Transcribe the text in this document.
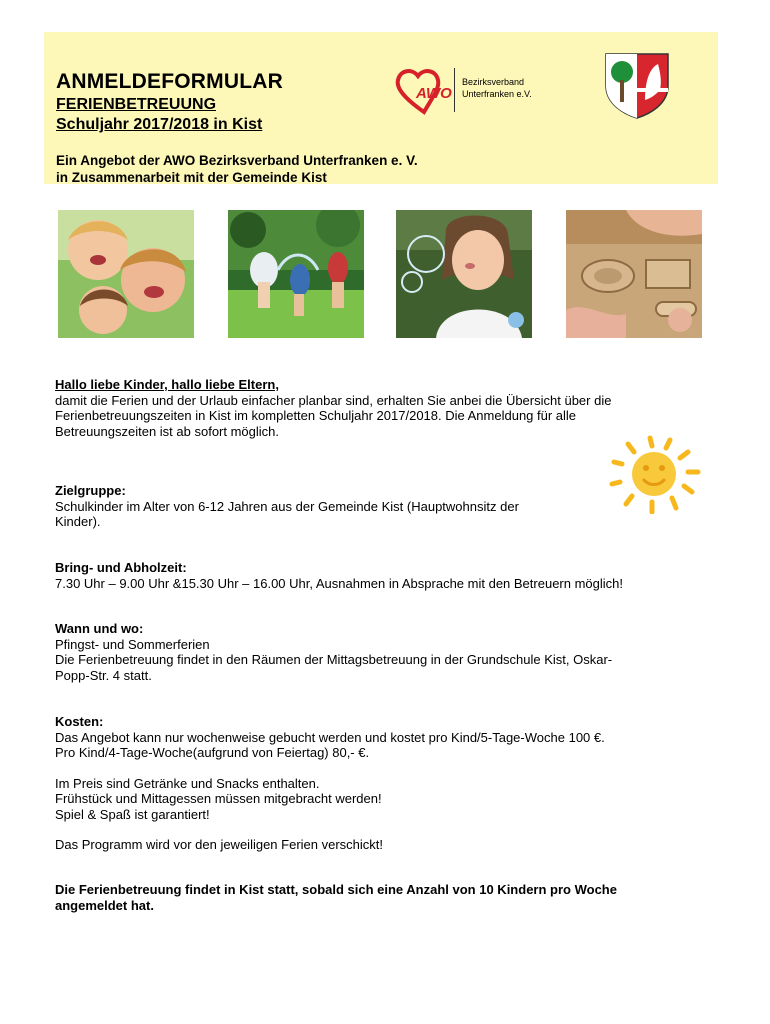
ANMELDEFORMULAR
FERIENBETREUUNG
Schuljahr 2017/2018 in Kist
Ein Angebot der AWO Bezirksverband Unterfranken e. V.
in Zusammenarbeit mit der Gemeinde Kist
AWO
Bezirksverband
Unterfranken e.V.
Hallo liebe Kinder, hallo liebe Eltern,
damit die Ferien und der Urlaub einfacher planbar sind, erhalten Sie anbei die Übersicht über die
Ferienbetreuungszeiten in Kist im kompletten Schuljahr 2017/2018. Die Anmeldung für alle
Betreuungszeiten ist ab sofort möglich.
Zielgruppe:
Schulkinder im Alter von 6-12 Jahren aus der Gemeinde Kist (Hauptwohnsitz der
Kinder).
Bring- und Abholzeit:
7.30 Uhr – 9.00 Uhr &15.30 Uhr – 16.00 Uhr, Ausnahmen in Absprache mit den Betreuern möglich!
Wann und wo:
Pfingst- und Sommerferien
Die Ferienbetreuung findet in den Räumen der Mittagsbetreuung in der Grundschule Kist, Oskar-
Popp-Str. 4 statt.
Kosten:
Das Angebot kann nur wochenweise gebucht werden und kostet pro Kind/5-Tage-Woche 100 €.
Pro Kind/4-Tage-Woche(aufgrund von Feiertag) 80,- €.
Im Preis sind Getränke und Snacks enthalten.
Frühstück und Mittagessen müssen mitgebracht werden!
Spiel & Spaß ist garantiert!
Das Programm wird vor den jeweiligen Ferien verschickt!
Die Ferienbetreuung findet in Kist statt, sobald sich eine Anzahl von 10 Kindern pro Woche
angemeldet hat.
